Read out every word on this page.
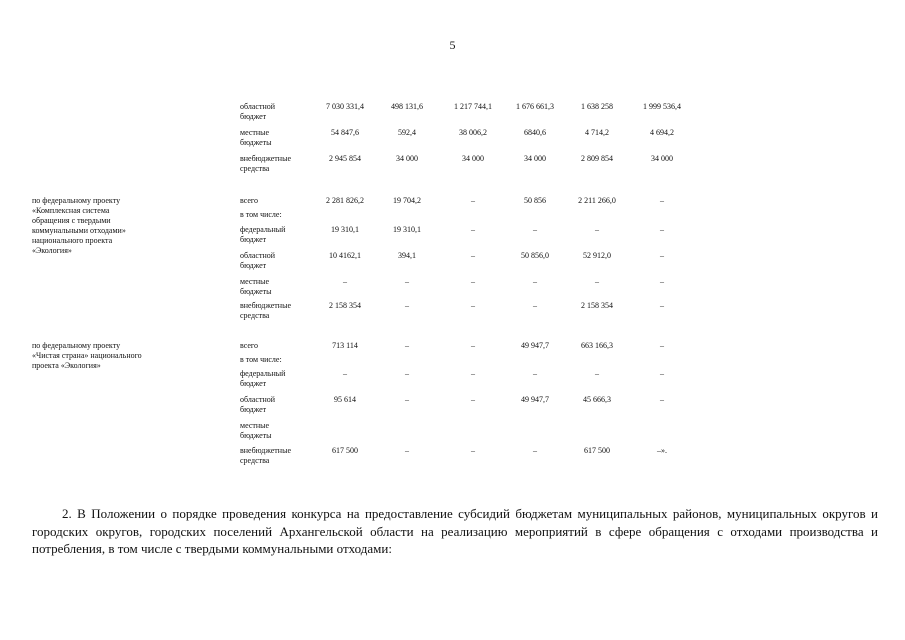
5
областной
бюджет
7 030 331,4	498 131,6	1 217 744,1	1 676 661,3	1 638 258	1 999 536,4
местные
бюджеты
54 847,6	592,4	38 006,2	6840,6	4 714,2	4 694,2
внебюджетные
средства
2 945 854	34 000	34 000	34 000	2 809 854	34 000
по федеральному проекту
«Комплексная система
обращения с твердыми
коммунальными отходами»
национального проекта
«Экология»
всего	2 281 826,2	19 704,2	–	50 856	2 211 266,0	–
в том числе:
федеральный
бюджет
19 310,1	19 310,1	–	–	–	–
областной
бюджет
10 4162,1	394,1	–	50 856,0	52 912,0	–
местные
бюджеты
–	–	–	–	–	–
внебюджетные
средства
2 158 354	–	–	–	2 158 354	–
по федеральному проекту
«Чистая страна» национального
проекта «Экология»
всего	713 114	–	–	49 947,7	663 166,3	–
в том числе:
федеральный
бюджет
–	–	–	–	–	–
областной
бюджет
95 614	–	–	49 947,7	45 666,3	–
местные
бюджеты
внебюджетные
средства
617 500	–	–	–	617 500	–».

2. В Положении о порядке проведения конкурса на предоставление субсидий бюджетам муниципальных районов, муниципальных округов и городских округов, городских поселений Архангельской области на реализацию мероприятий в сфере обращения с отходами производства и потребления, в том числе с твердыми коммунальными отходами:
